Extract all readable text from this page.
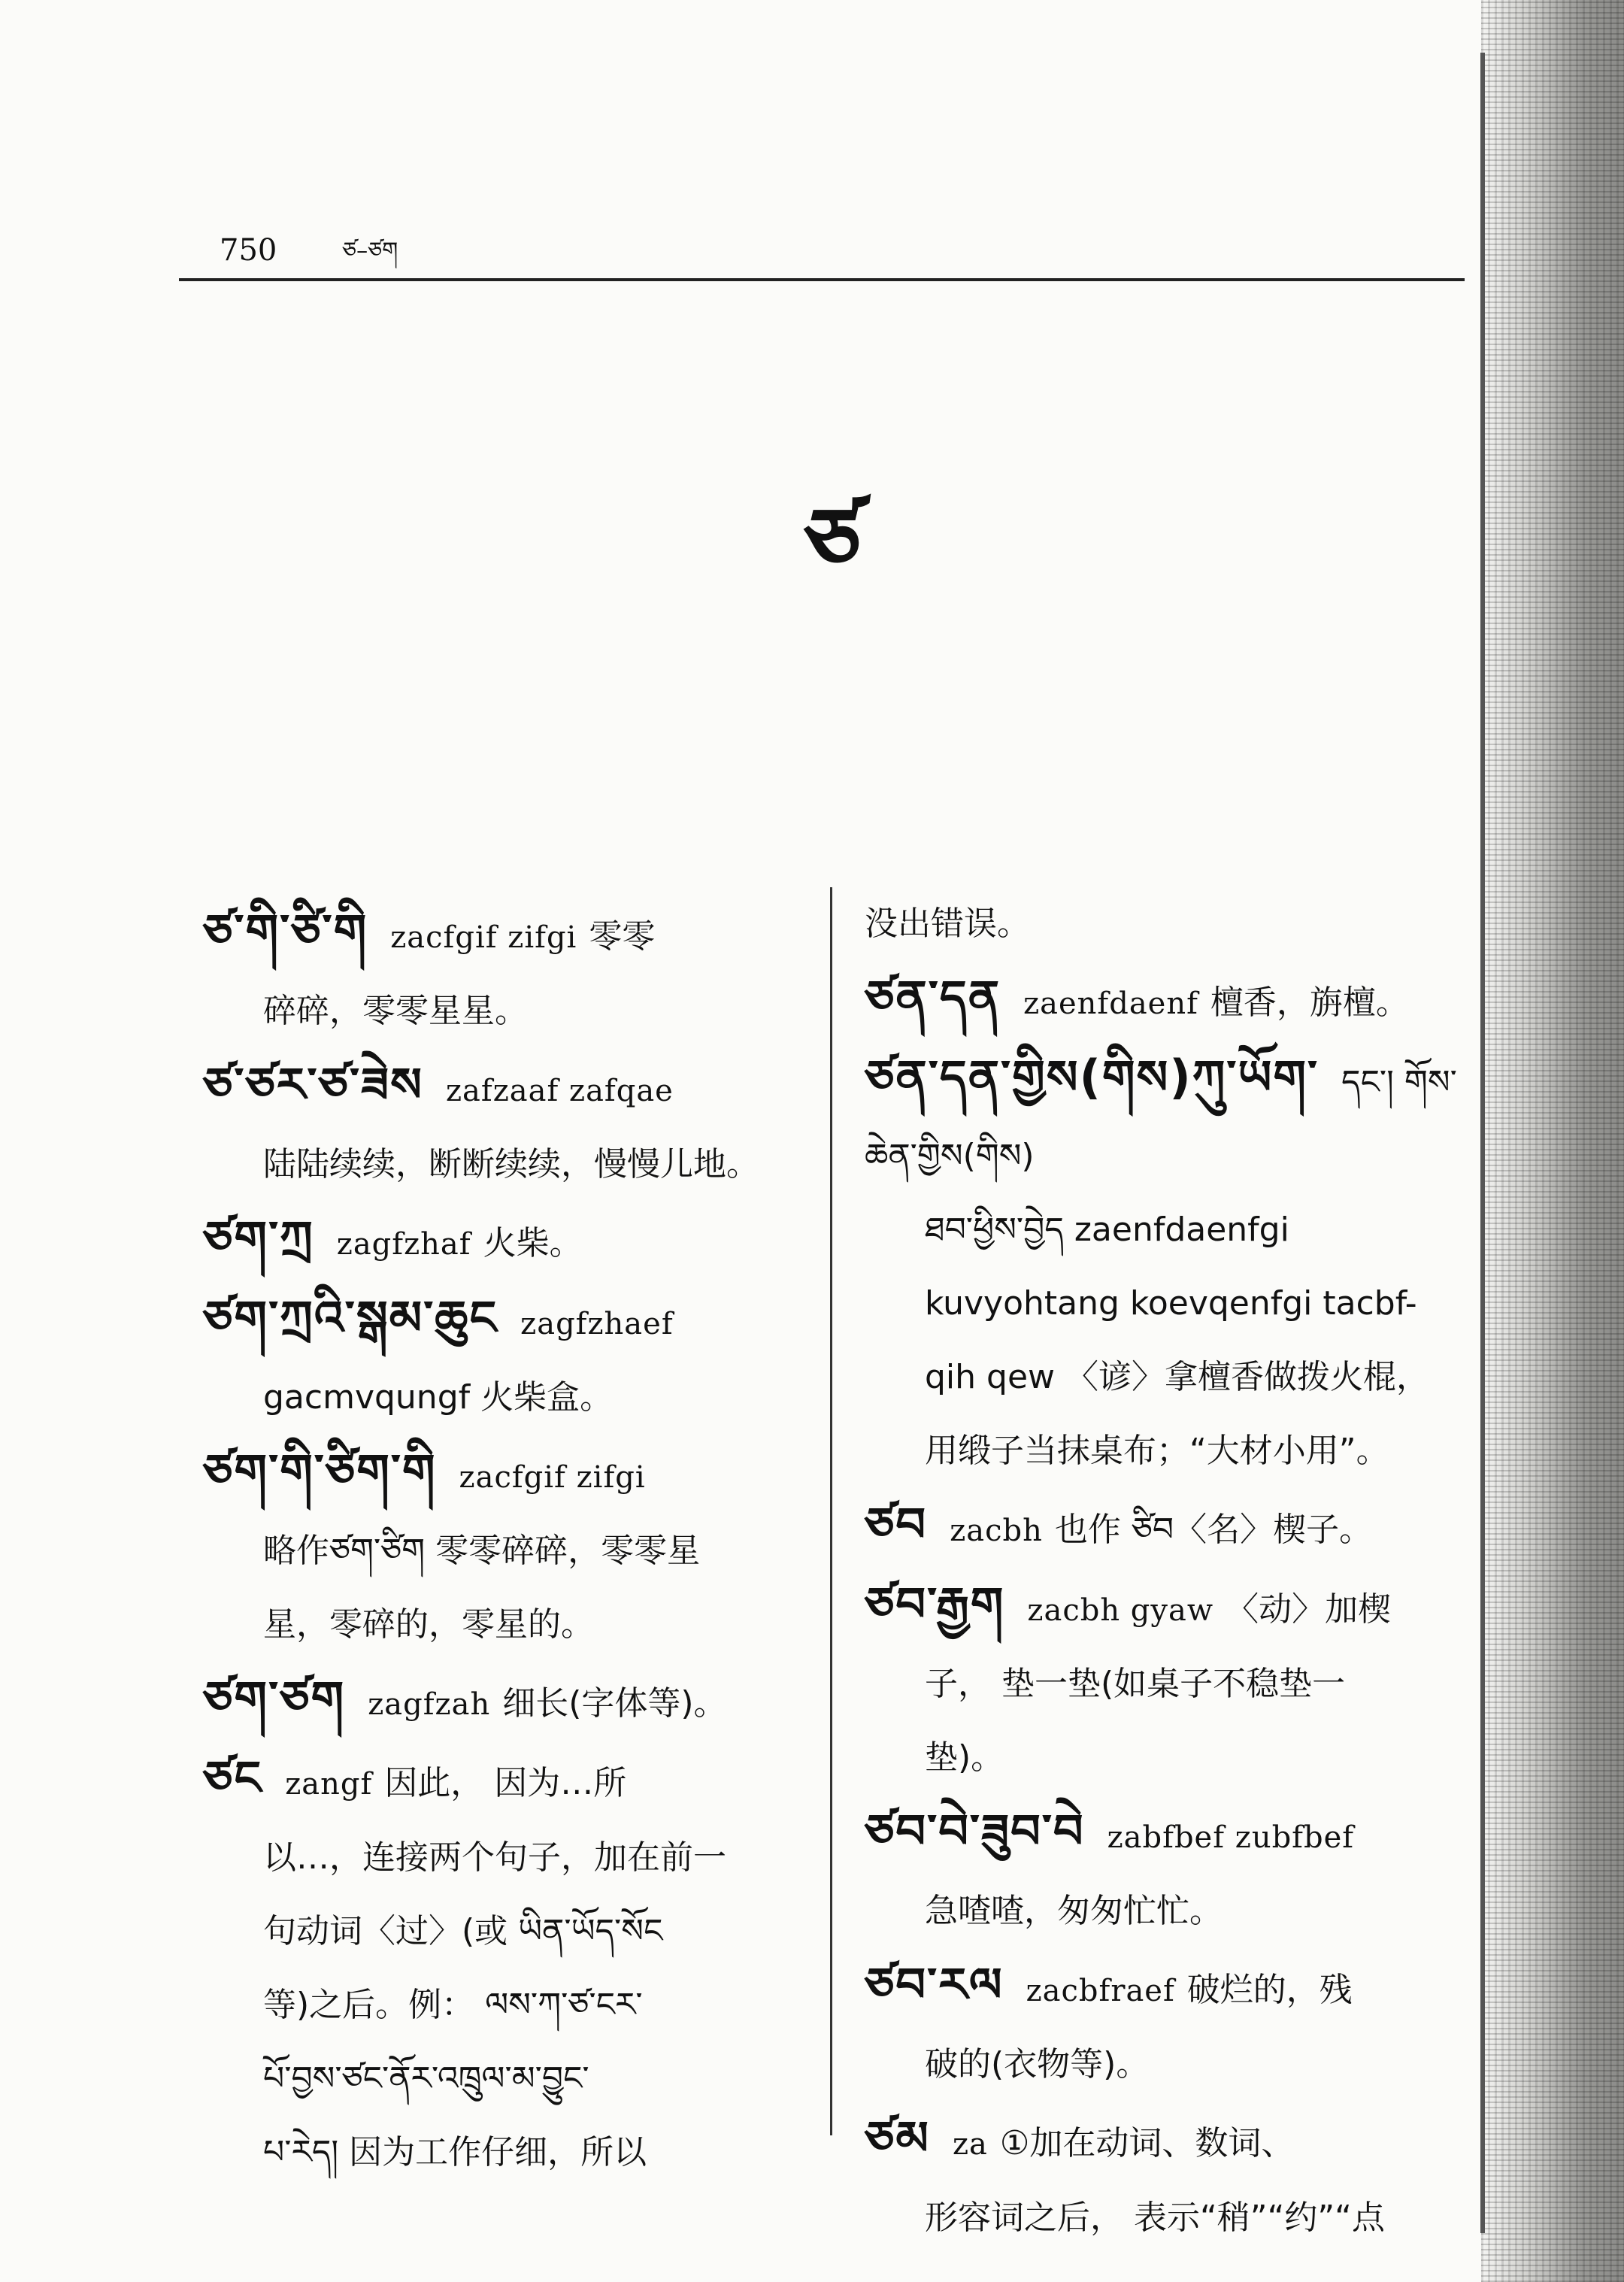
750	ཙ–ཙག
ཙ
ཙ་གི་ཙི་གི zacfgif zifgi 零零
碎碎，零零星星。
ཙ་ཙར་ཙ་ཟེས zafzaaf zafqae
陆陆续续，断断续续，慢慢儿地。
ཙག་ཀྲ zagfzhaf 火柴。
ཙག་ཀྲའི་སྒམ་ཆུང zagfzhaef
gacmvqungf 火柴盒。
ཙག་གི་ཙིག་གི zacfgif zifgi
略作ཙག་ཙིག 零零碎碎，零零星
星，零碎的，零星的。
ཙག་ཙག zagfzah 细长(字体等)。
ཙང zangf 因此， 因为…所
以…，连接两个句子，加在前一
句动词〈过〉(或 ཡིན་ཡོད་སོང
等)之后。例： ལས་ཀ་ཙ་ངར་
པོ་བྱས་ཙང་ནོར་འཁྲུལ་མ་བྱུང་
པ་རེད། 因为工作仔细，所以
没出错误。
ཙན་དན zaenfdaenf 檀香，旃檀。
ཙན་དན་གྱིས(གིས)ཀུ་ཡོག་ དང་། གོས་ཆེན་གྱིས(གིས)
ཐབ་ཕྱིས་བྱེད zaenfdaenfgi
kuvyohtang koevqenfgi tacbf-
qih qew 〈谚〉拿檀香做拨火棍，
用缎子当抹桌布；“大材小用”。
ཙབ zacbh 也作 ཙིབ〈名〉楔子。
ཙབ་རྒྱག zacbh gyaw 〈动〉加楔
子， 垫一垫(如桌子不稳垫一
垫)。
ཙབ་བེ་ཟུབ་བེ zabfbef zubfbef
急喳喳，匆匆忙忙。
ཙབ་རལ zacbfraef 破烂的，残
破的(衣物等)。
ཙམ za ①加在动词、数词、
形容词之后， 表示“稍”“约”“点
